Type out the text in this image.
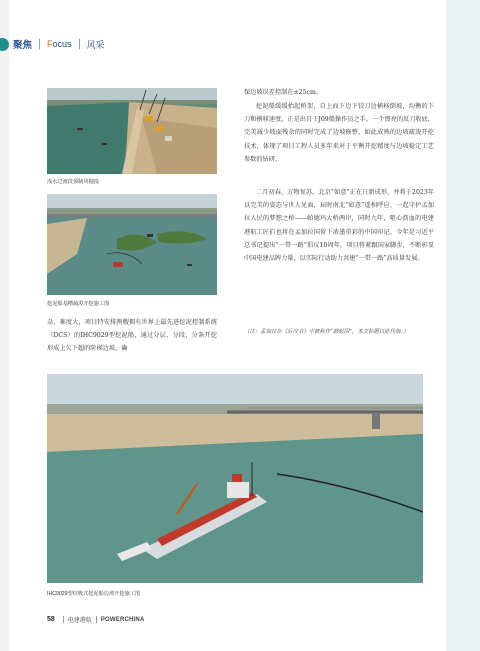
聚焦 Focus 风采
浅水过渡段预制块抛投
挖泥船基槽疏浚开挖施工图
杂、难度大，项目特安排两艘拥有世界上最先进挖泥控制系统（DCS）的IHC9029型挖泥船，通过分层、分段、分条开挖形成上欠下超的阶梯边坡，确
保边坡误差控制在±25cm。
挖泥船缓缓抬起桥架，自上而下边下铰刀边横移倒坡，均衡的下刀和横移速度，正是出自于J09船操作员之手。一个漂亮的反刀收底，完美减少坡面残余的同时完成了边坡修整，如此成熟的边坡疏浚开挖技术，体现了项目工程人员多年来对于平衡开挖精度与边坡稳定工艺参数的钻研。
二月初春，万物复苏，北京“如意”正在日新成形，并将于2023年以完美的姿态与世人见面，届时南北“如意”遥相呼应，一起守护孟加拉人民的梦想之桥——帕德玛大桥两岸，同时九年，呕心沥血的电建港航工匠们也将在孟加拉国留下浓墨重彩的中国印记。今年是习近平总书记提出“一带一路”倡议10周年，项目将紧跟国家脚步，不断彰显中国电建品牌力量，以实际行动助力共建“一带一路”高质量发展。
（注：孟加拉在《后汉书》中被称作“磐起国”，本文标题以此代指。）
IHC9029型绞吸式挖泥船边坡开挖施工图
58 电建港航 POWERCHINA
